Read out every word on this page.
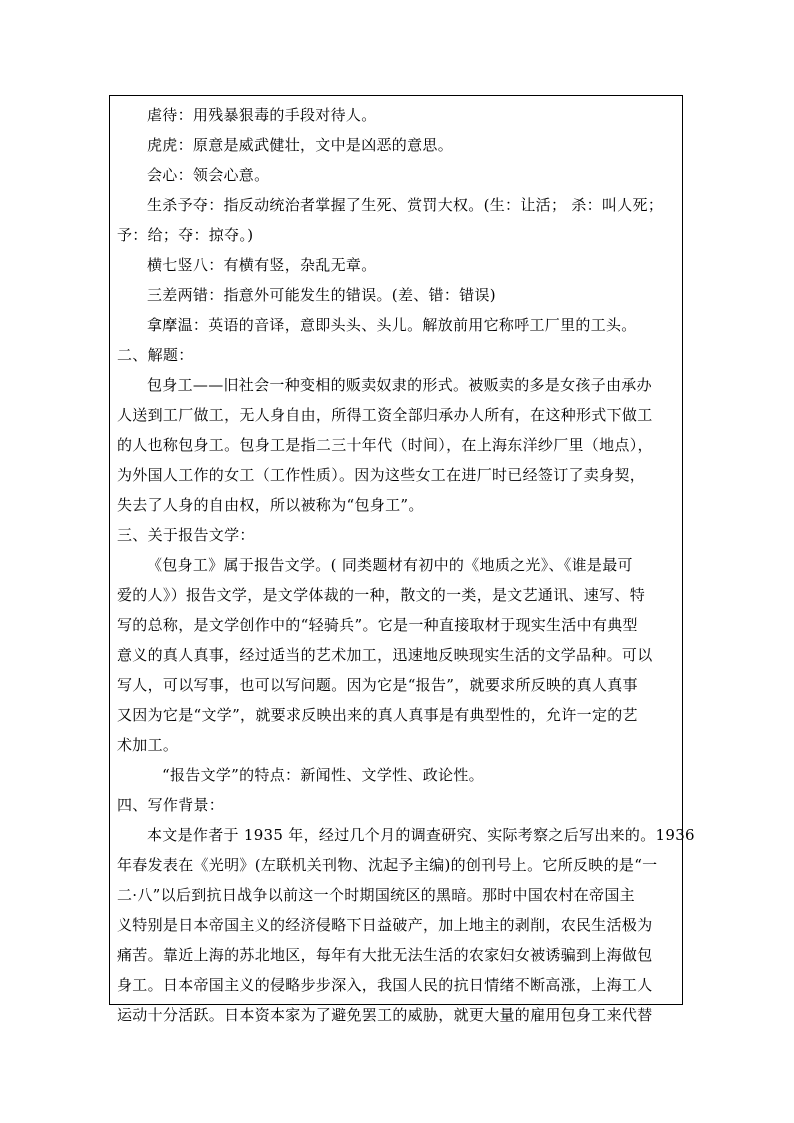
虐待：用残暴狠毒的手段对待人。
虎虎：原意是威武健壮，文中是凶恶的意思。
会心：领会心意。
生杀予夺：指反动统治者掌握了生死、赏罚大权。(生：让活； 杀：叫人死；
予：给；夺：掠夺。)
横七竖八：有横有竖，杂乱无章。
三差两错：指意外可能发生的错误。(差、错：错误)
拿摩温：英语的音译，意即头头、头儿。解放前用它称呼工厂里的工头。
二、解题：
包身工——旧社会一种变相的贩卖奴隶的形式。被贩卖的多是女孩子由承办
人送到工厂做工，无人身自由，所得工资全部归承办人所有，在这种形式下做工
的人也称包身工。包身工是指二三十年代（时间），在上海东洋纱厂里（地点），
为外国人工作的女工（工作性质）。因为这些女工在进厂时已经签订了卖身契，
失去了人身的自由权，所以被称为“包身工”。
三、关于报告文学：
《包身工》属于报告文学。( 同类题材有初中的《地质之光》、《谁是最可
爱的人》）报告文学，是文学体裁的一种，散文的一类，是文艺通讯、速写、特
写的总称，是文学创作中的“轻骑兵”。它是一种直接取材于现实生活中有典型
意义的真人真事，经过适当的艺术加工，迅速地反映现实生活的文学品种。可以
写人，可以写事，也可以写问题。因为它是“报告”，就要求所反映的真人真事
又因为它是“文学”，就要求反映出来的真人真事是有典型性的，允许一定的艺
术加工。
“报告文学”的特点：新闻性、文学性、政论性。
四、写作背景：
本文是作者于 1935 年，经过几个月的调查研究、实际考察之后写出来的。1936
年春发表在《光明》(左联机关刊物、沈起予主编)的创刊号上。它所反映的是“一
二·八”以后到抗日战争以前这一个时期国统区的黑暗。那时中国农村在帝国主
义特别是日本帝国主义的经济侵略下日益破产，加上地主的剥削，农民生活极为
痛苦。靠近上海的苏北地区，每年有大批无法生活的农家妇女被诱骗到上海做包
身工。日本帝国主义的侵略步步深入，我国人民的抗日情绪不断高涨，上海工人
运动十分活跃。日本资本家为了避免罢工的威胁，就更大量的雇用包身工来代替
